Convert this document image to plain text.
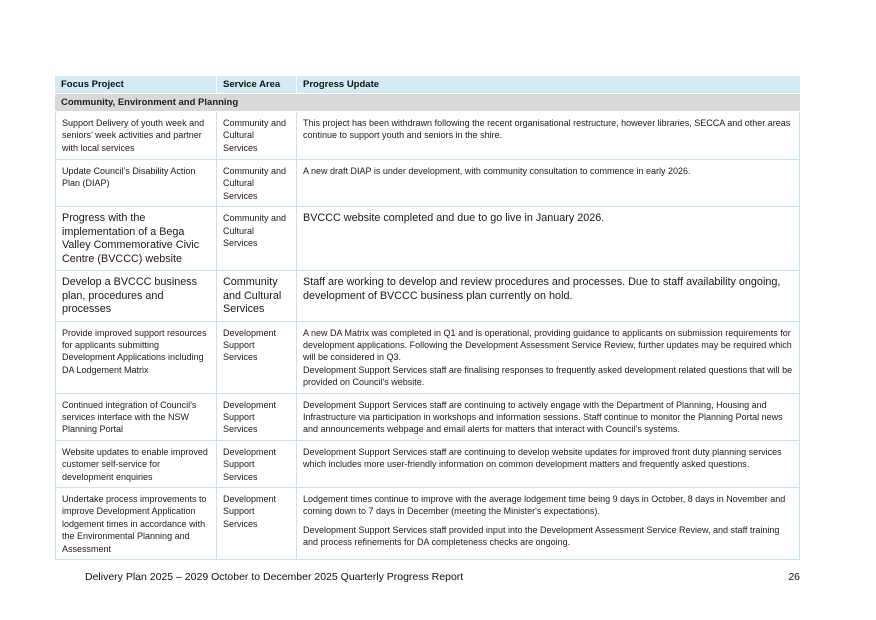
Focus Project	Service Area	Progress Update
Community, Environment and Planning		
Support Delivery of youth week and seniors’ week activities and partner with local services	Community and Cultural Services	This project has been withdrawn following the recent organisational restructure, however libraries, SECCA and other areas continue to support youth and seniors in the shire.

Update Council’s Disability Action Plan (DIAP)	Community and Cultural Services	A new draft DIAP is under development, with community consultation to commence in early 2026.

Progress with the implementation of a Bega Valley Commemorative Civic Centre (BVCCC) website	Community and Cultural Services	BVCCC website completed and due to go live in January 2026.

Develop a BVCCC business plan, procedures and processes	Community and Cultural Services	Staff are working to develop and review procedures and processes. Due to staff availability ongoing, development of BVCCC business plan currently on hold.

Provide improved support resources for applicants submitting Development Applications including DA Lodgement Matrix	Development Support Services	A new DA Matrix was completed in Q1 and is operational, providing guidance to applicants on submission requirements for development applications. Following the Development Assessment Service Review, further updates may be required which will be considered in Q3.

Development Support Services staff are finalising responses to frequently asked development related questions that will be provided on Council's website.

Continued integration of Council’s services interface with the NSW Planning Portal	Development Support Services	Development Support Services staff are continuing to actively engage with the Department of Planning, Housing and Infrastructure via participation in workshops and information sessions. Staff continue to monitor the Planning Portal news and announcements webpage and email alerts for matters that interact with Council's systems.

Website updates to enable improved customer self-service for development enquiries	Development Support Services	Development Support Services staff are continuing to develop website updates for improved front duty planning services which includes more user-friendly information on common development matters and frequently asked questions.

Undertake process improvements to improve Development Application lodgement times in accordance with the Environmental Planning and Assessment	Development Support Services	Lodgement times continue to improve with the average lodgement time being 9 days in October, 8 days in November and coming down to 7 days in December (meeting the Minister's expectations).

Development Support Services staff provided input into the Development Assessment Service Review, and staff training and process refinements for DA completeness checks are ongoing.

Delivery Plan 2025 – 2029 October to December 2025 Quarterly Progress Report	26
